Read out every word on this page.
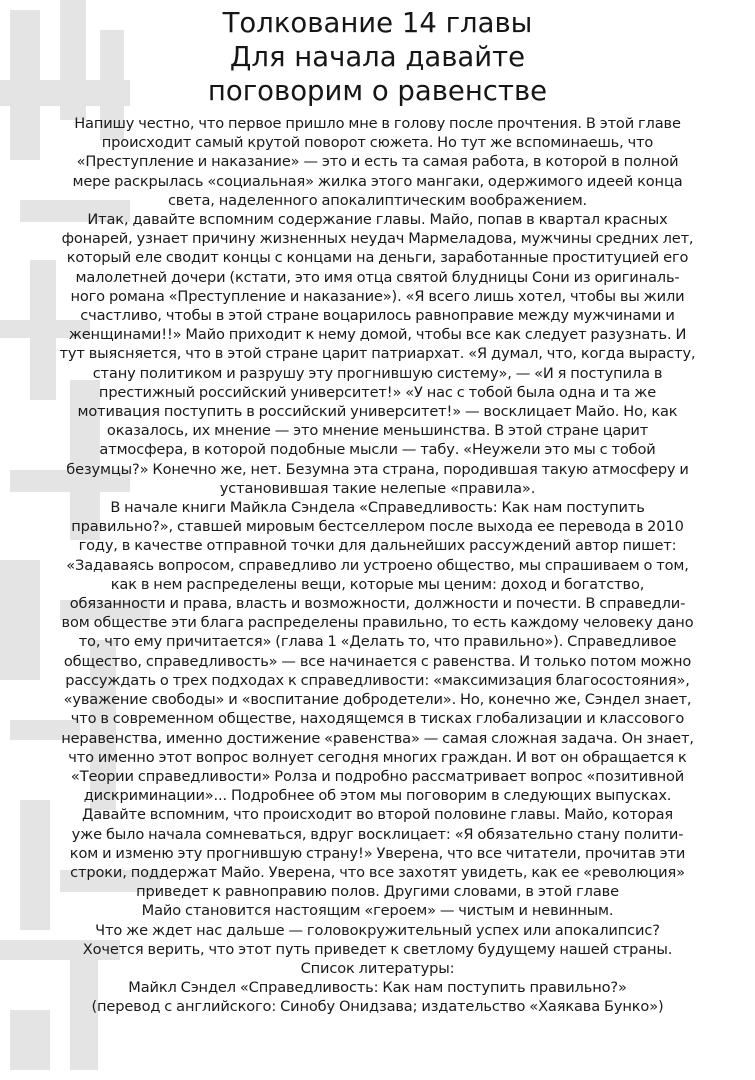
Толкование 14 главы
Для начала давайте
поговорим о равенстве
Напишу честно, что первое пришло мне в голову после прочтения. В этой главе
происходит самый крутой поворот сюжета. Но тут же вспоминаешь, что
«Преступление и наказание» — это и есть та самая работа, в которой в полной
мере раскрылась «социальная» жилка этого мангаки, одержимого идеей конца
света, наделенного апокалиптическим воображением.
Итак, давайте вспомним содержание главы. Майо, попав в квартал красных
фонарей, узнает причину жизненных неудач Мармеладова, мужчины средних лет,
который еле сводит концы с концами на деньги, заработанные проституцией его
малолетней дочери (кстати, это имя отца святой блудницы Сони из оригиналь-
ного романа «Преступление и наказание»). «Я всего лишь хотел, чтобы вы жили
счастливо, чтобы в этой стране воцарилось равноправие между мужчинами и
женщинами!!» Майо приходит к нему домой, чтобы все как следует разузнать. И
тут выясняется, что в этой стране царит патриархат. «Я думал, что, когда вырасту,
стану политиком и разрушу эту прогнившую систему», — «И я поступила в
престижный российский университет!» «У нас с тобой была одна и та же
мотивация поступить в российский университет!» — восклицает Майо. Но, как
оказалось, их мнение — это мнение меньшинства. В этой стране царит
атмосфера, в которой подобные мысли — табу. «Неужели это мы с тобой
безумцы?» Конечно же, нет. Безумна эта страна, породившая такую атмосферу и
установившая такие нелепые «правила».
В начале книги Майкла Сэндела «Справедливость: Как нам поступить
правильно?», ставшей мировым бестселлером после выхода ее перевода в 2010
году, в качестве отправной точки для дальнейших рассуждений автор пишет:
«Задаваясь вопросом, справедливо ли устроено общество, мы спрашиваем о том,
как в нем распределены вещи, которые мы ценим: доход и богатство,
обязанности и права, власть и возможности, должности и почести. В справедли-
вом обществе эти блага распределены правильно, то есть каждому человеку дано
то, что ему причитается» (глава 1 «Делать то, что правильно»). Справедливое
общество, справедливость» — все начинается с равенства. И только потом можно
рассуждать о трех подходах к справедливости: «максимизация благосостояния»,
«уважение свободы» и «воспитание добродетели». Но, конечно же, Сэндел знает,
что в современном обществе, находящемся в тисках глобализации и классового
неравенства, именно достижение «равенства» — самая сложная задача. Он знает,
что именно этот вопрос волнует сегодня многих граждан. И вот он обращается к
«Теории справедливости» Ролза и подробно рассматривает вопрос «позитивной
дискриминации»... Подробнее об этом мы поговорим в следующих выпусках.
Давайте вспомним, что происходит во второй половине главы. Майо, которая
уже было начала сомневаться, вдруг восклицает: «Я обязательно стану полити-
ком и изменю эту прогнившую страну!» Уверена, что все читатели, прочитав эти
строки, поддержат Майо. Уверена, что все захотят увидеть, как ее «революция»
приведет к равноправию полов. Другими словами, в этой главе
Майо становится настоящим «героем» — чистым и невинным.
Что же ждет нас дальше — головокружительный успех или апокалипсис?
Хочется верить, что этот путь приведет к светлому будущему нашей страны.
Список литературы:
Майкл Сэндел «Справедливость: Как нам поступить правильно?»
(перевод с английского: Синобу Онидзава; издательство «Хаякава Бунко»)
